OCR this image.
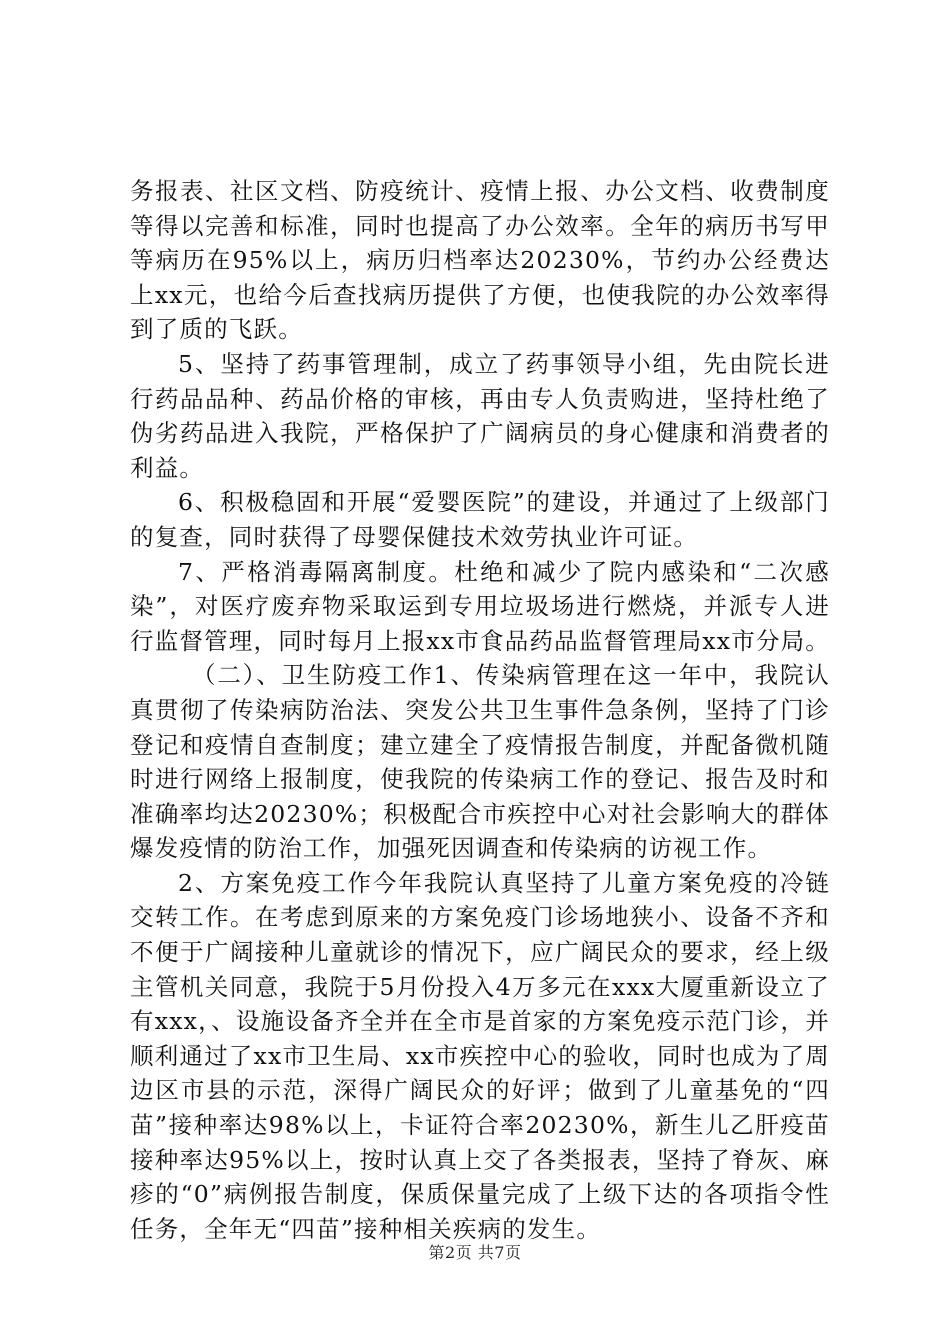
务报表、社区文档、防疫统计、疫情上报、办公文档、收费制度等得以完善和标准，同时也提高了办公效率。全年的病历书写甲等病历在95%以上，病历归档率达20230%，节约办公经费达上xx元，也给今后查找病历提供了方便，也使我院的办公效率得到了质的飞跃。

5、坚持了药事管理制，成立了药事领导小组，先由院长进行药品品种、药品价格的审核，再由专人负责购进，坚持杜绝了伪劣药品进入我院，严格保护了广阔病员的身心健康和消费者的利益。

6、积极稳固和开展“爱婴医院”的建设，并通过了上级部门的复查，同时获得了母婴保健技术效劳执业许可证。

7、严格消毒隔离制度。杜绝和减少了院内感染和“二次感染”，对医疗废弃物采取运到专用垃圾场进行燃烧，并派专人进行监督管理，同时每月上报xx市食品药品监督管理局xx市分局。

（二）、卫生防疫工作1、传染病管理在这一年中，我院认真贯彻了传染病防治法、突发公共卫生事件急条例，坚持了门诊登记和疫情自查制度；建立建全了疫情报告制度，并配备微机随时进行网络上报制度，使我院的传染病工作的登记、报告及时和准确率均达20230%；积极配合市疾控中心对社会影响大的群体爆发疫情的防治工作，加强死因调查和传染病的访视工作。

2、方案免疫工作今年我院认真坚持了儿童方案免疫的冷链交转工作。在考虑到原来的方案免疫门诊场地狭小、设备不齐和不便于广阔接种儿童就诊的情况下，应广阔民众的要求，经上级主管机关同意，我院于5月份投入4万多元在xxx大厦重新设立了有xxx，、设施设备齐全并在全市是首家的方案免疫示范门诊，并顺利通过了xx市卫生局、xx市疾控中心的验收，同时也成为了周边区市县的示范，深得广阔民众的好评；做到了儿童基免的“四苗”接种率达98%以上，卡证符合率20230%，新生儿乙肝疫苗接种率达95%以上，按时认真上交了各类报表，坚持了脊灰、麻疹的“0”病例报告制度，保质保量完成了上级下达的各项指令性任务，全年无“四苗”接种相关疾病的发生。

第2页 共7页
